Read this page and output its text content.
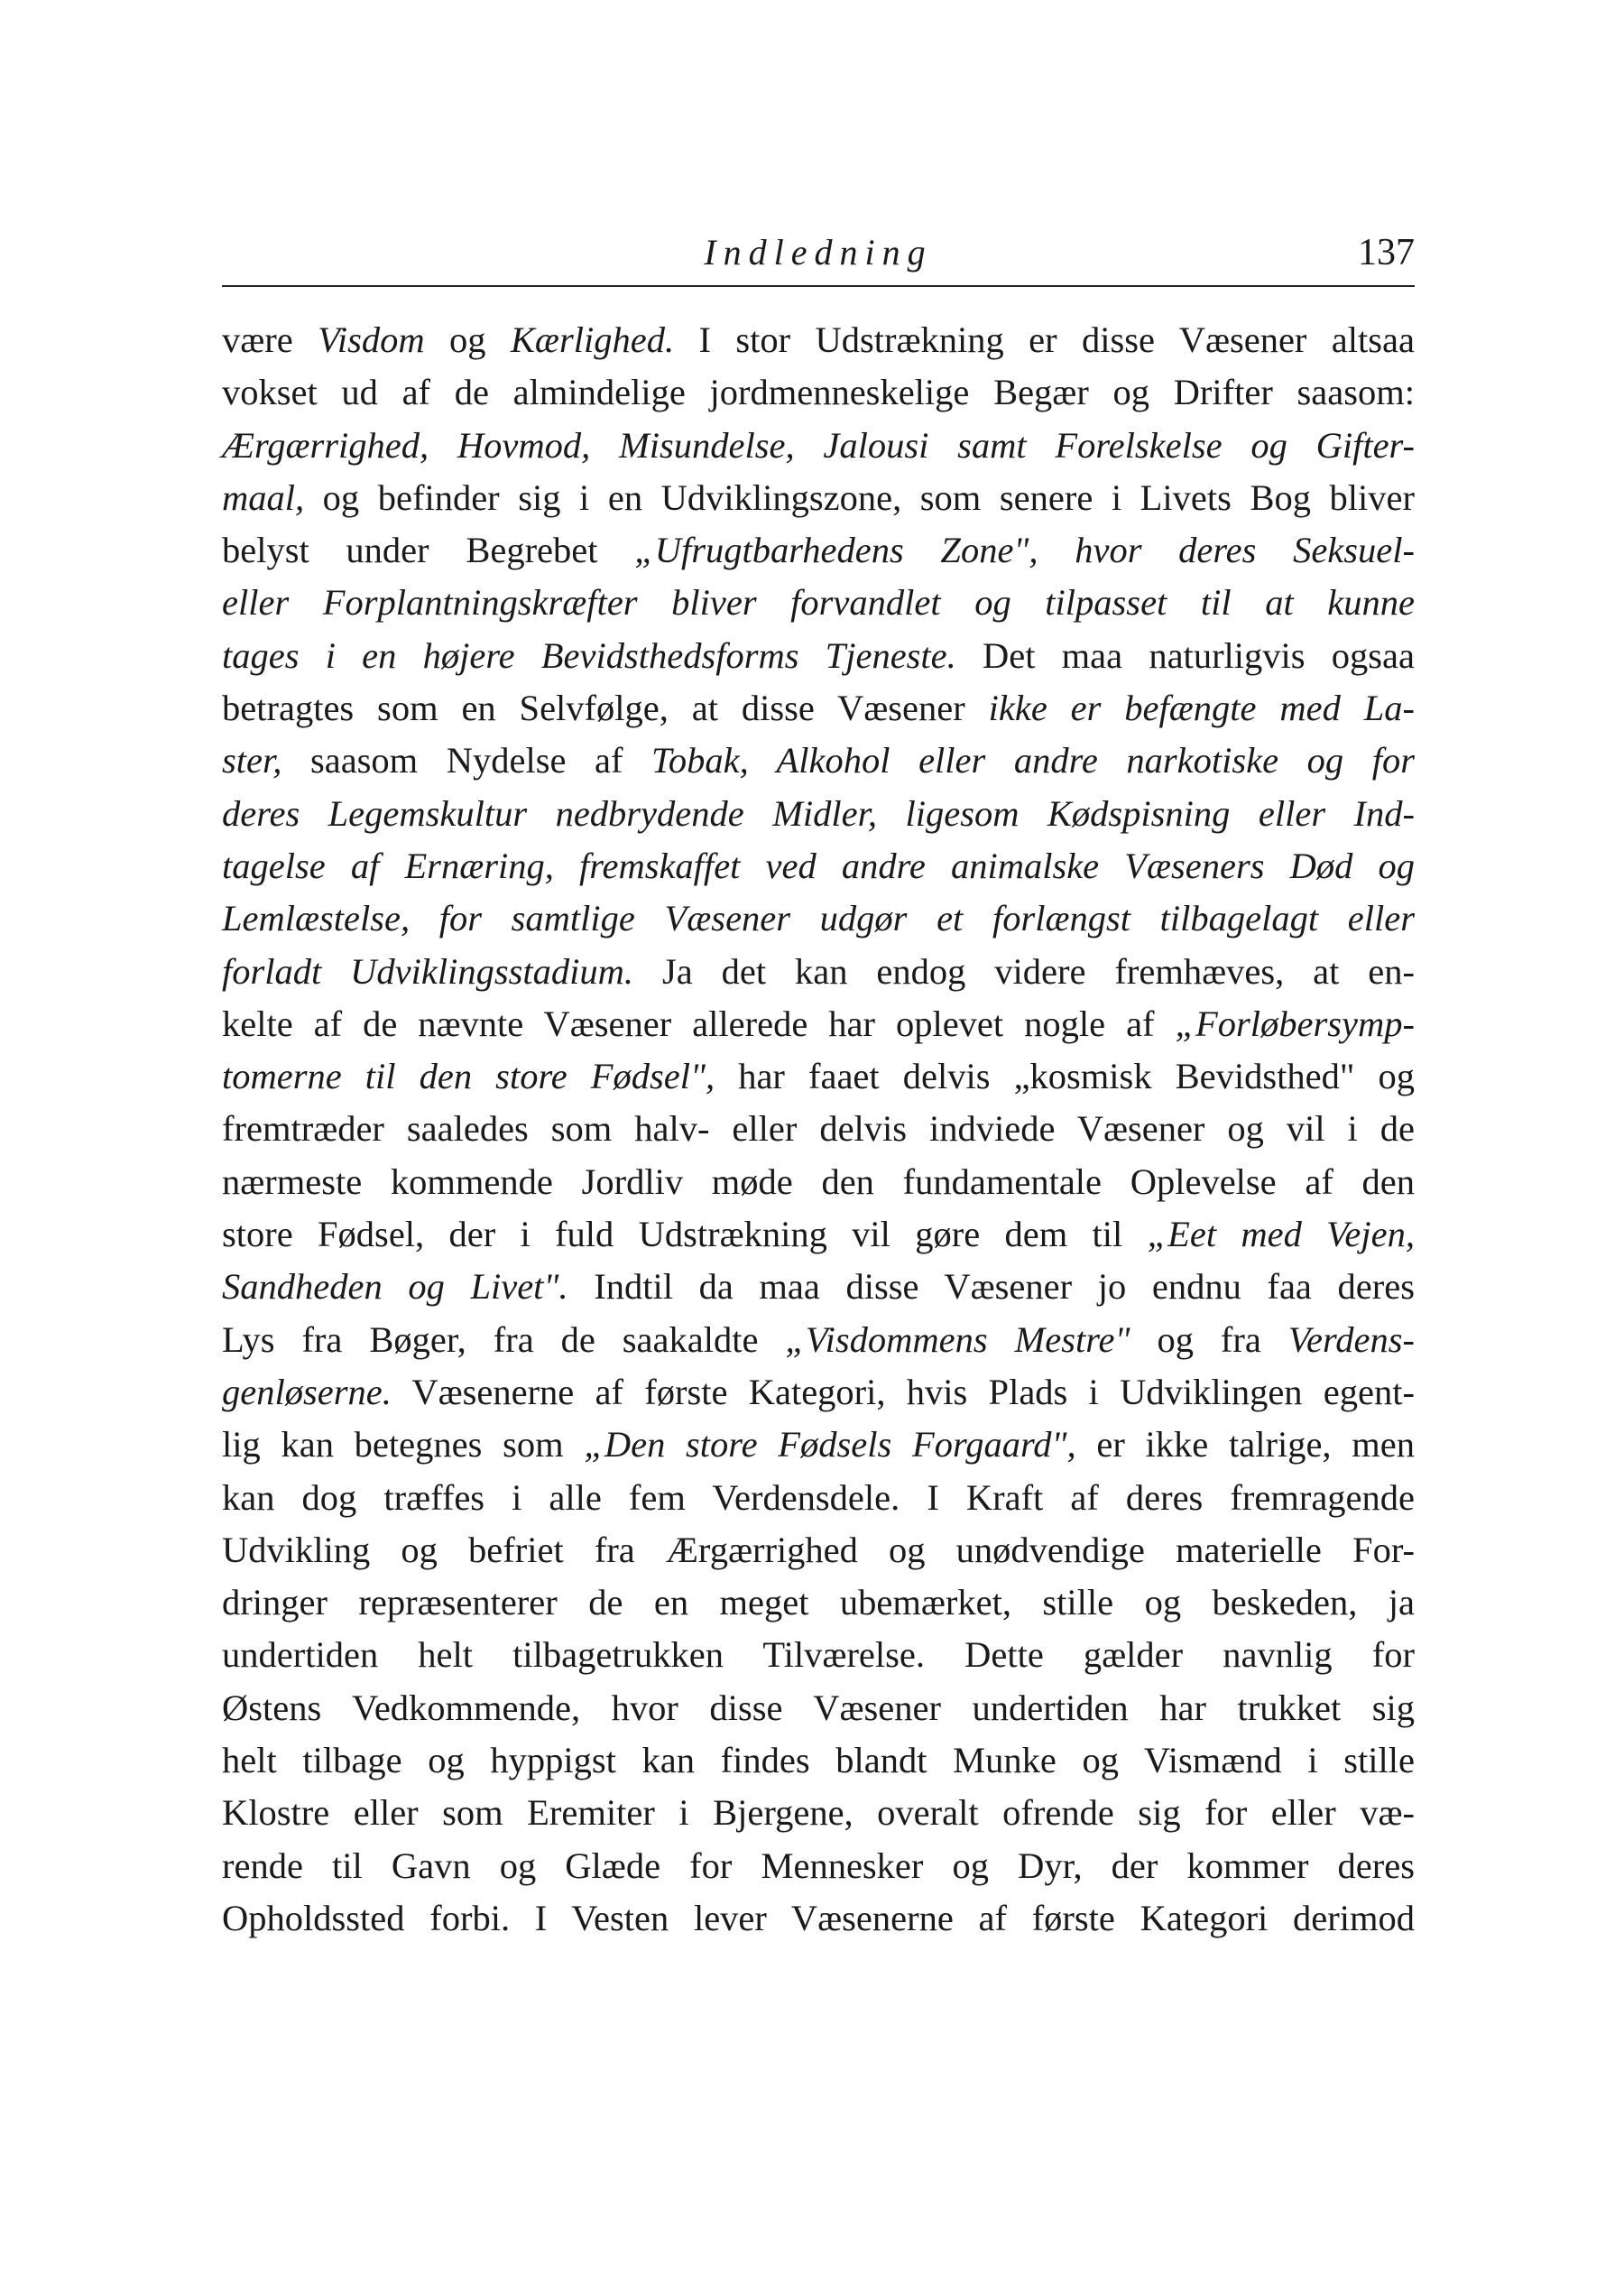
Indledning	137
være Visdom og Kærlighed. I stor Udstrækning er disse Væsener altsaa
vokset ud af de almindelige jordmenneskelige Begær og Drifter saasom:
Ærgærrighed, Hovmod, Misundelse, Jalousi samt Forelskelse og Gifter-
maal, og befinder sig i en Udviklingszone, som senere i Livets Bog bliver
belyst under Begrebet „Ufrugtbarhedens Zone", hvor deres Seksuel-
eller Forplantningskræfter bliver forvandlet og tilpasset til at kunne
tages i en højere Bevidsthedsforms Tjeneste. Det maa naturligvis ogsaa
betragtes som en Selvfølge, at disse Væsener ikke er befængte med La-
ster, saasom Nydelse af Tobak, Alkohol eller andre narkotiske og for
deres Legemskultur nedbrydende Midler, ligesom Kødspisning eller Ind-
tagelse af Ernæring, fremskaffet ved andre animalske Væseners Død og
Lemlæstelse, for samtlige Væsener udgør et forlængst tilbagelagt eller
forladt Udviklingsstadium. Ja det kan endog videre fremhæves, at en-
kelte af de nævnte Væsener allerede har oplevet nogle af „Forløbersymp-
tomerne til den store Fødsel", har faaet delvis „kosmisk Bevidsthed" og
fremtræder saaledes som halv- eller delvis indviede Væsener og vil i de
nærmeste kommende Jordliv møde den fundamentale Oplevelse af den
store Fødsel, der i fuld Udstrækning vil gøre dem til „Eet med Vejen,
Sandheden og Livet". Indtil da maa disse Væsener jo endnu faa deres
Lys fra Bøger, fra de saakaldte „Visdommens Mestre" og fra Verdens-
genløserne. Væsenerne af første Kategori, hvis Plads i Udviklingen egent-
lig kan betegnes som „Den store Fødsels Forgaard", er ikke talrige, men
kan dog træffes i alle fem Verdensdele. I Kraft af deres fremragende
Udvikling og befriet fra Ærgærrighed og unødvendige materielle For-
dringer repræsenterer de en meget ubemærket, stille og beskeden, ja
undertiden helt tilbagetrukken Tilværelse. Dette gælder navnlig for
Østens Vedkommende, hvor disse Væsener undertiden har trukket sig
helt tilbage og hyppigst kan findes blandt Munke og Vismænd i stille
Klostre eller som Eremiter i Bjergene, overalt ofrende sig for eller væ-
rende til Gavn og Glæde for Mennesker og Dyr, der kommer deres
Opholdssted forbi. I Vesten lever Væsenerne af første Kategori derimod
